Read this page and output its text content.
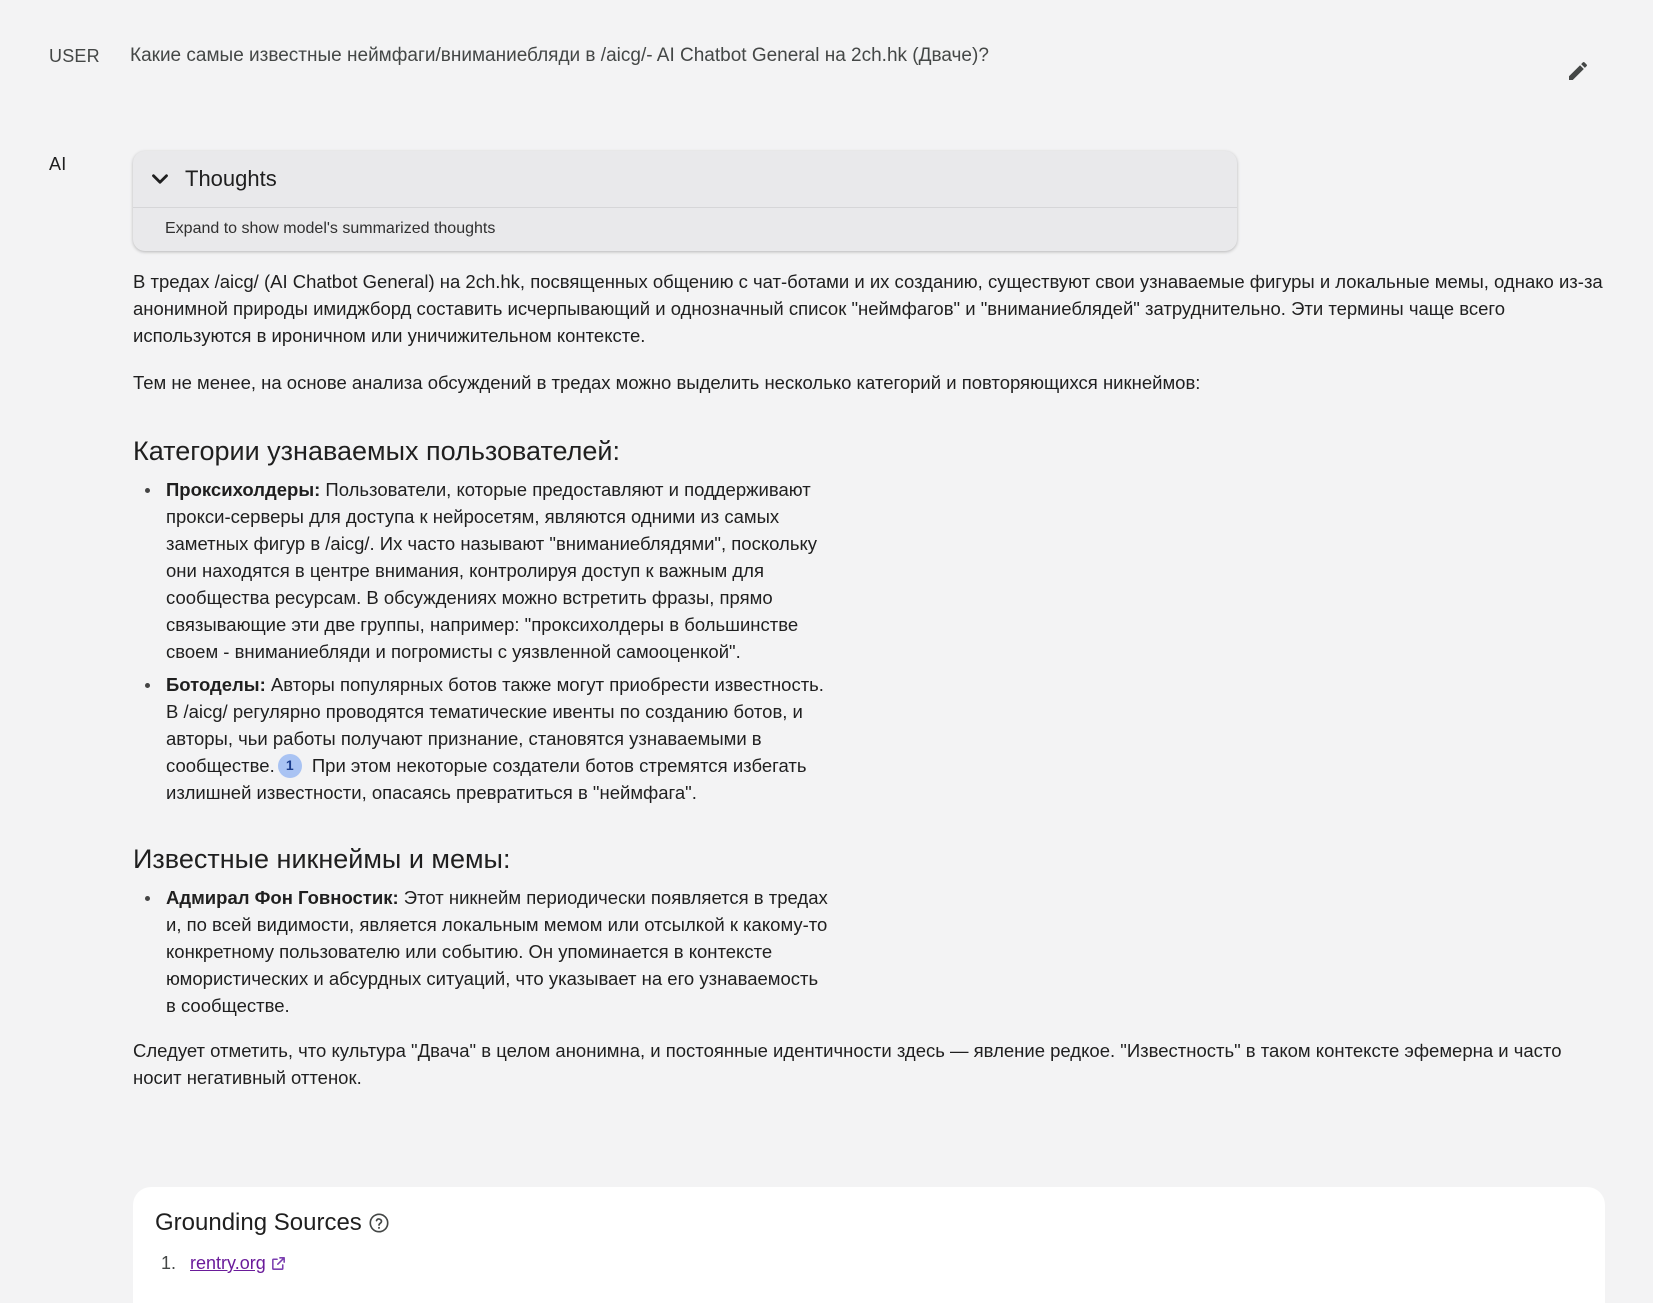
USER Какие самые известные неймфаги/вниманиебляди в /aicg/- AI Chatbot General на 2ch.hk (Двачe)?
AI
Thoughts
Expand to show model's summarized thoughts

В тредах /aicg/ (AI Chatbot General) на 2ch.hk, посвященных общению с чат-ботами и их созданию, существуют свои узнаваемые фигуры и локальные мемы, однако из-за анонимной природы имиджборд составить исчерпывающий и однозначный список "неймфагов" и "вниманиеблядей" затруднительно. Эти термины чаще всего используются в ироничном или уничижительном контексте.

Тем не менее, на основе анализа обсуждений в тредах можно выделить несколько категорий и повторяющихся никнеймов:

Категории узнаваемых пользователей:
Проксихолдеры: Пользователи, которые предоставляют и поддерживают прокси-серверы для доступа к нейросетям, являются одними из самых заметных фигур в /aicg/. Их часто называют "вниманиеблядями", поскольку они находятся в центре внимания, контролируя доступ к важным для сообщества ресурсам. В обсуждениях можно встретить фразы, прямо связывающие эти две группы, например: "проксихолдеры в большинстве своем - вниманиебляди и погромисты с уязвленной самооценкой".
Ботоделы: Авторы популярных ботов также могут приобрести известность. В /aicg/ регулярно проводятся тематические ивенты по созданию ботов, и авторы, чьи работы получают признание, становятся узнаваемыми в сообществе. 1 При этом некоторые создатели ботов стремятся избегать излишней известности, опасаясь превратиться в "неймфага".
Известные никнеймы и мемы:
Адмирал Фон Говностик: Этот никнейм периодически появляется в тредах и, по всей видимости, является локальным мемом или отсылкой к какому-то конкретному пользователю или событию. Он упоминается в контексте юмористических и абсурдных ситуаций, что указывает на его узнаваемость в сообществе.

Следует отметить, что культура "Двача" в целом анонимна, и постоянные идентичности здесь — явление редкое. "Известность" в таком контексте эфемерна и часто носит негативный оттенок.

Grounding Sources
1. rentry.org
